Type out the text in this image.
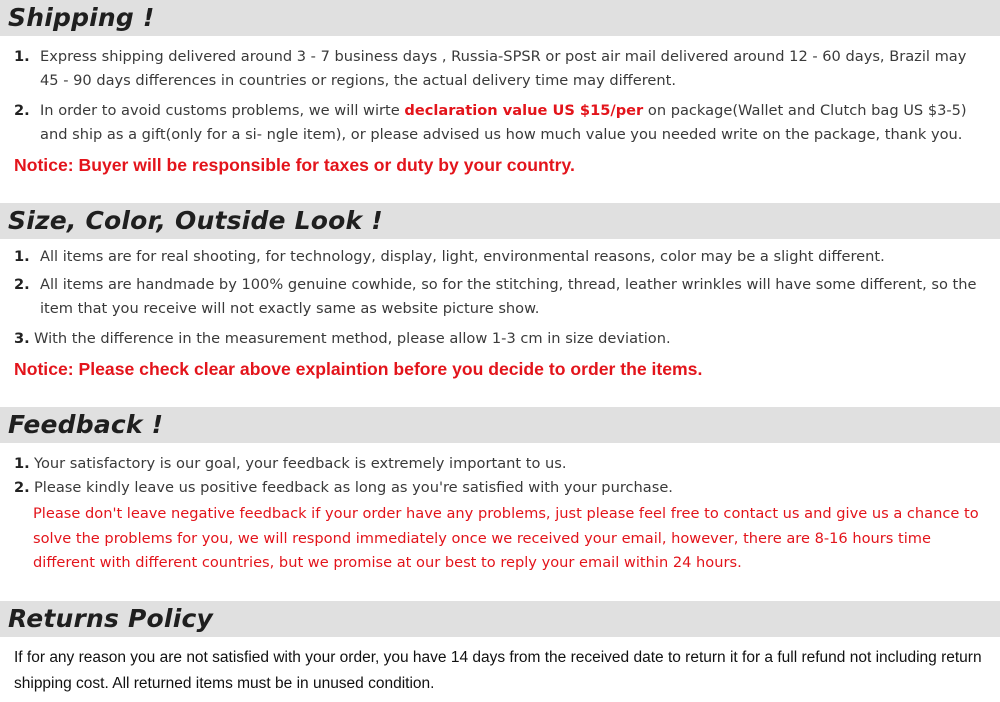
Shipping !
1. Express shipping delivered around 3 - 7 business days , Russia-SPSR or post air mail delivered around 12 - 60 days, Brazil may 45 - 90 days differences in countries or regions, the actual delivery time may different.
2. In order to avoid customs problems, we will wirte declaration value US $15/per on package(Wallet and Clutch bag US $3-5) and ship as a gift(only for a si- ngle item), or please advised us how much value you needed write on the package, thank you.
Notice: Buyer will be responsible for taxes or duty by your country.
Size, Color, Outside Look !
1. All items are for real shooting, for technology, display, light, environmental reasons, color may be a slight different.
2. All items are handmade by 100% genuine cowhide, so for the stitching, thread, leather wrinkles will have some different, so the item that you receive will not exactly same as website picture show.
3. With the difference in the measurement method, please allow 1-3 cm in size deviation.
Notice: Please check clear above explaintion before you decide to order the items.
Feedback !
1. Your satisfactory is our goal, your feedback is extremely important to us.
2. Please kindly leave us positive feedback as long as you're satisfied with your purchase.
Please don't leave negative feedback if your order have any problems, just please feel free to contact us and give us a chance to solve the problems for you, we will respond immediately once we received your email, however, there are 8-16 hours time different with different countries, but we promise at our best to reply your email within 24 hours.
Returns Policy
If for any reason you are not satisfied with your order, you have 14 days from the received date to return it for a full refund not including return shipping cost. All returned items must be in unused condition.
